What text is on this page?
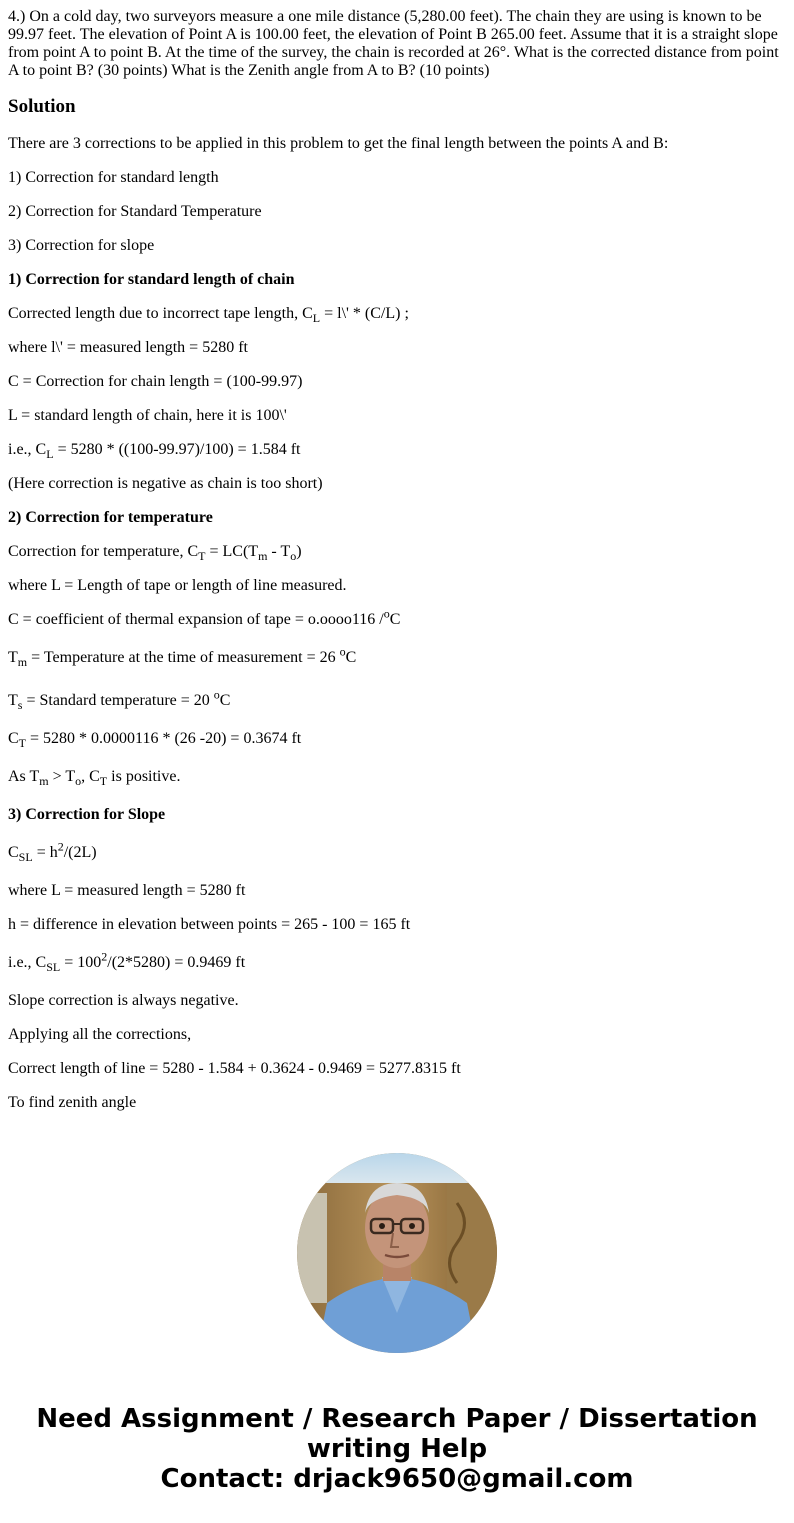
4.) On a cold day, two surveyors measure a one mile distance (5,280.00 feet). The chain they are using is known to be 99.97 feet. The elevation of Point A is 100.00 feet, the elevation of Point B 265.00 feet. Assume that it is a straight slope from point A to point B. At the time of the survey, the chain is recorded at 26°. What is the corrected distance from point A to point B? (30 points) What is the Zenith angle from A to B? (10 points)

Solution

There are 3 corrections to be applied in this problem to get the final length between the points A and B:

1) Correction for standard length

2) Correction for Standard Temperature

3) Correction for slope

1) Correction for standard length of chain

Corrected length due to incorrect tape length, $C_L$ = l\' * (C/L) ;

where l\' = measured length = 5280 ft

C = Correction for chain length = (100-99.97)

L = standard length of chain, here it is 100\'

i.e., $C_L = 5280 * ((100-99.97)/100) = 1.584$ ft

(Here correction is negative as chain is too short)

2) Correction for temperature

Correction for temperature, $C_T = LC(T_m - T_o)$

where L = Length of tape or length of line measured.

C = coefficient of thermal expansion of tape = o.oooo116 /$^o$C

$T_m$ = Temperature at the time of measurement = 26 $^o$C

$T_s$ = Standard temperature = 20 $^o$C

$C_T = 5280 * 0.0000116 * (26$ -20) = 0.3674 ft

As $T_m > T_o$, $C_T$ is positive.

3) Correction for Slope

$C_{SL} = h^2/(2L)$

where L = measured length = 5280 ft

h = difference in elevation between points = 265 - 100 = 165 ft

i.e., $C_{SL} = 100^2/(2*5280) = 0.9469$ ft

Slope correction is always negative.

Applying all the corrections,

Correct length of line = 5280 - 1.584 + 0.3624 - 0.9469 = 5277.8315 ft

To find zenith angle

Need Assignment / Research Paper / Dissertation
writing Help
Contact: drjack9650@gmail.com
